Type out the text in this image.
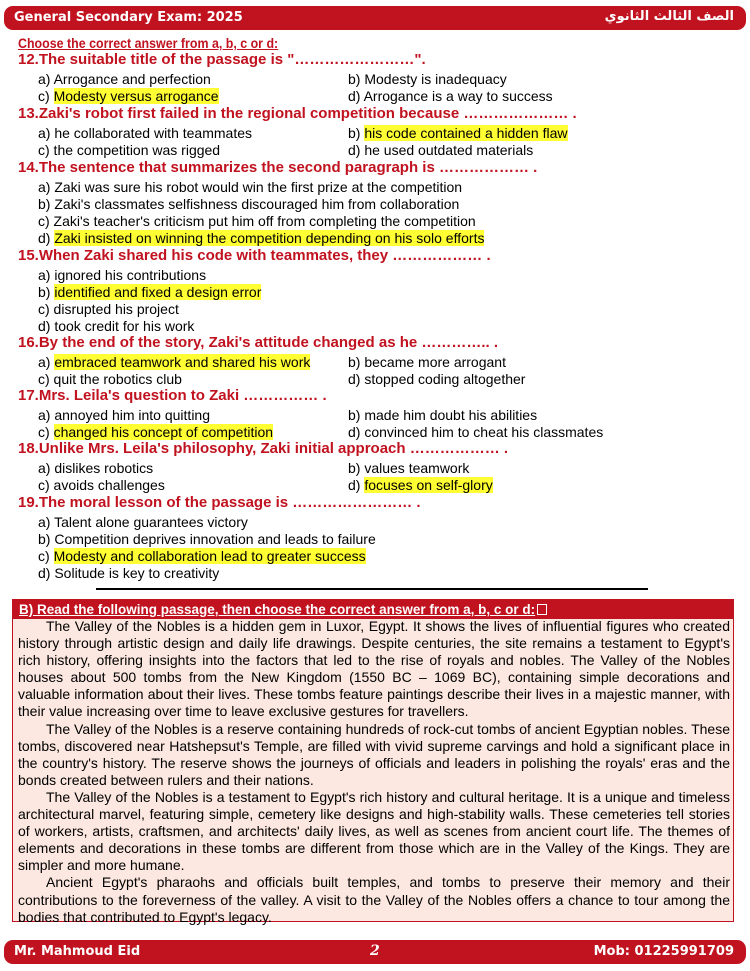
General Secondary Exam: 2025	الصف الثالث الثانوي
Choose the correct answer from a, b, c or d:
12.The suitable title of the passage is "……………………".
a) Arrogance and perfection	b) Modesty is inadequacy
c) Modesty versus arrogance	d) Arrogance is a way to success
13.Zaki's robot first failed in the regional competition because ………………… .
a) he collaborated with teammates	b) his code contained a hidden flaw
c) the competition was rigged	d) he used outdated materials
14.The sentence that summarizes the second paragraph is ……………… .
a) Zaki was sure his robot would win the first prize at the competition
b) Zaki's classmates selfishness discouraged him from collaboration
c) Zaki's teacher's criticism put him off from completing the competition
d) Zaki insisted on winning the competition depending on his solo efforts
15.When Zaki shared his code with teammates, they ……………… .
a) ignored his contributions
b) identified and fixed a design error
c) disrupted his project
d) took credit for his work
16.By the end of the story, Zaki's attitude changed as he ………….. .
a) embraced teamwork and shared his work	b) became more arrogant
c) quit the robotics club	d) stopped coding altogether
17.Mrs. Leila's question to Zaki …………… .
a) annoyed him into quitting	b) made him doubt his abilities
c) changed his concept of competition	d) convinced him to cheat his classmates
18.Unlike Mrs. Leila's philosophy, Zaki initial approach ……………… .
a) dislikes robotics	b) values teamwork
c) avoids challenges	d) focuses on self-glory
19.The moral lesson of the passage is …………………… .
a) Talent alone guarantees victory
b) Competition deprives innovation and leads to failure
c) Modesty and collaboration lead to greater success
d) Solitude is key to creativity
B) Read the following passage, then choose the correct answer from a, b, c or d:

The Valley of the Nobles is a hidden gem in Luxor, Egypt. It shows the lives of influential figures who created history through artistic design and daily life drawings. Despite centuries, the site remains a testament to Egypt's rich history, offering insights into the factors that led to the rise of royals and nobles. The Valley of the Nobles houses about 500 tombs from the New Kingdom (1550 BC – 1069 BC), containing simple decorations and valuable information about their lives. These tombs feature paintings describe their lives in a majestic manner, with their value increasing over time to leave exclusive gestures for travellers.

The Valley of the Nobles is a reserve containing hundreds of rock-cut tombs of ancient Egyptian nobles. These tombs, discovered near Hatshepsut's Temple, are filled with vivid supreme carvings and hold a significant place in the country's history. The reserve shows the journeys of officials and leaders in polishing the royals' eras and the bonds created between rulers and their nations.

The Valley of the Nobles is a testament to Egypt's rich history and cultural heritage. It is a unique and timeless architectural marvel, featuring simple, cemetery like designs and high-stability walls. These cemeteries tell stories of workers, artists, craftsmen, and architects' daily lives, as well as scenes from ancient court life. The themes of elements and decorations in these tombs are different from those which are in the Valley of the Kings. They are simpler and more humane.

Ancient Egypt's pharaohs and officials built temples, and tombs to preserve their memory and their contributions to the foreverness of the valley. A visit to the Valley of the Nobles offers a chance to tour among the bodies that contributed to Egypt's legacy.

Mr. Mahmoud Eid	2	Mob: 01225991709
